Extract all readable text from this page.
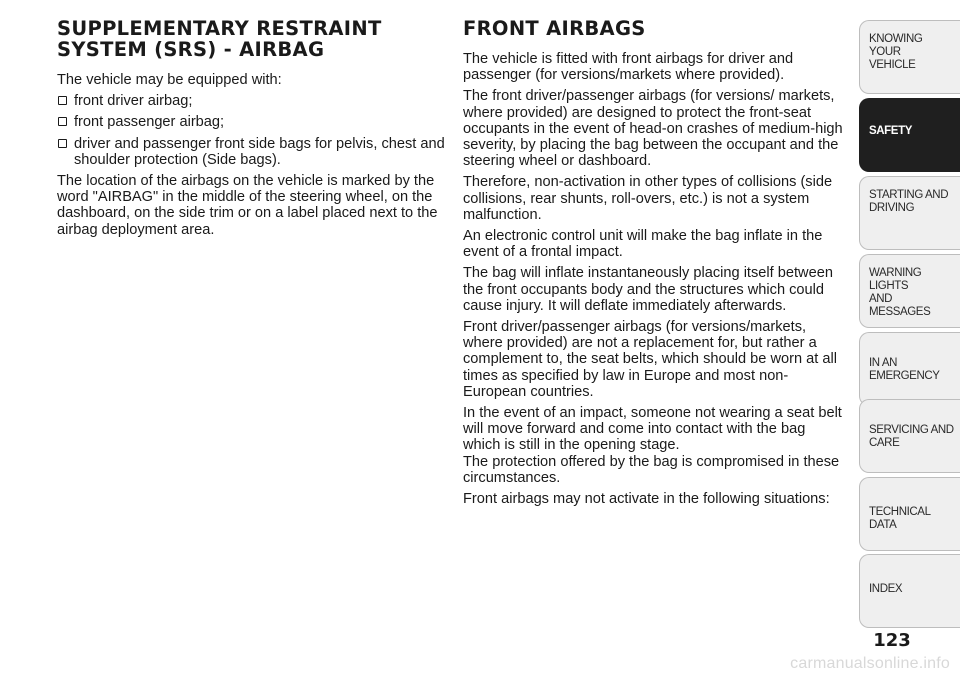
SUPPLEMENTARY RESTRAINT
SYSTEM (SRS) - AIRBAG

The vehicle may be equipped with:

front driver airbag;
front passenger airbag;
driver and passenger front side bags for pelvis, chest and shoulder protection (Side bags).

The location of the airbags on the vehicle is marked by the word "AIRBAG" in the middle of the steering wheel, on the dashboard, on the side trim or on a label placed next to the airbag deployment area.

FRONT AIRBAGS

The vehicle is fitted with front airbags for driver and passenger (for versions/markets where provided).

The front driver/passenger airbags (for versions/ markets, where provided) are designed to protect the front-seat occupants in the event of head-on crashes of medium-high severity, by placing the bag between the occupant and the steering wheel or dashboard.

Therefore, non-activation in other types of collisions (side collisions, rear shunts, roll-overs, etc.) is not a system malfunction.

An electronic control unit will make the bag inflate in the event of a frontal impact.

The bag will inflate instantaneously placing itself between the front occupants body and the structures which could cause injury. It will deflate immediately afterwards.

Front driver/passenger airbags (for versions/markets, where provided) are not a replacement for, but rather a complement to, the seat belts, which should be worn at all times as specified by law in Europe and most non-European countries.

In the event of an impact, someone not wearing a seat belt will move forward and come into contact with the bag which is still in the opening stage.
The protection offered by the bag is compromised in these circumstances.

Front airbags may not activate in the following situations:

KNOWING YOUR
VEHICLE
SAFETY
STARTING AND
DRIVING
WARNING LIGHTS
AND MESSAGES
IN AN EMERGENCY
SERVICING AND
CARE
TECHNICAL DATA
INDEX
123
carmanualsonline.info
